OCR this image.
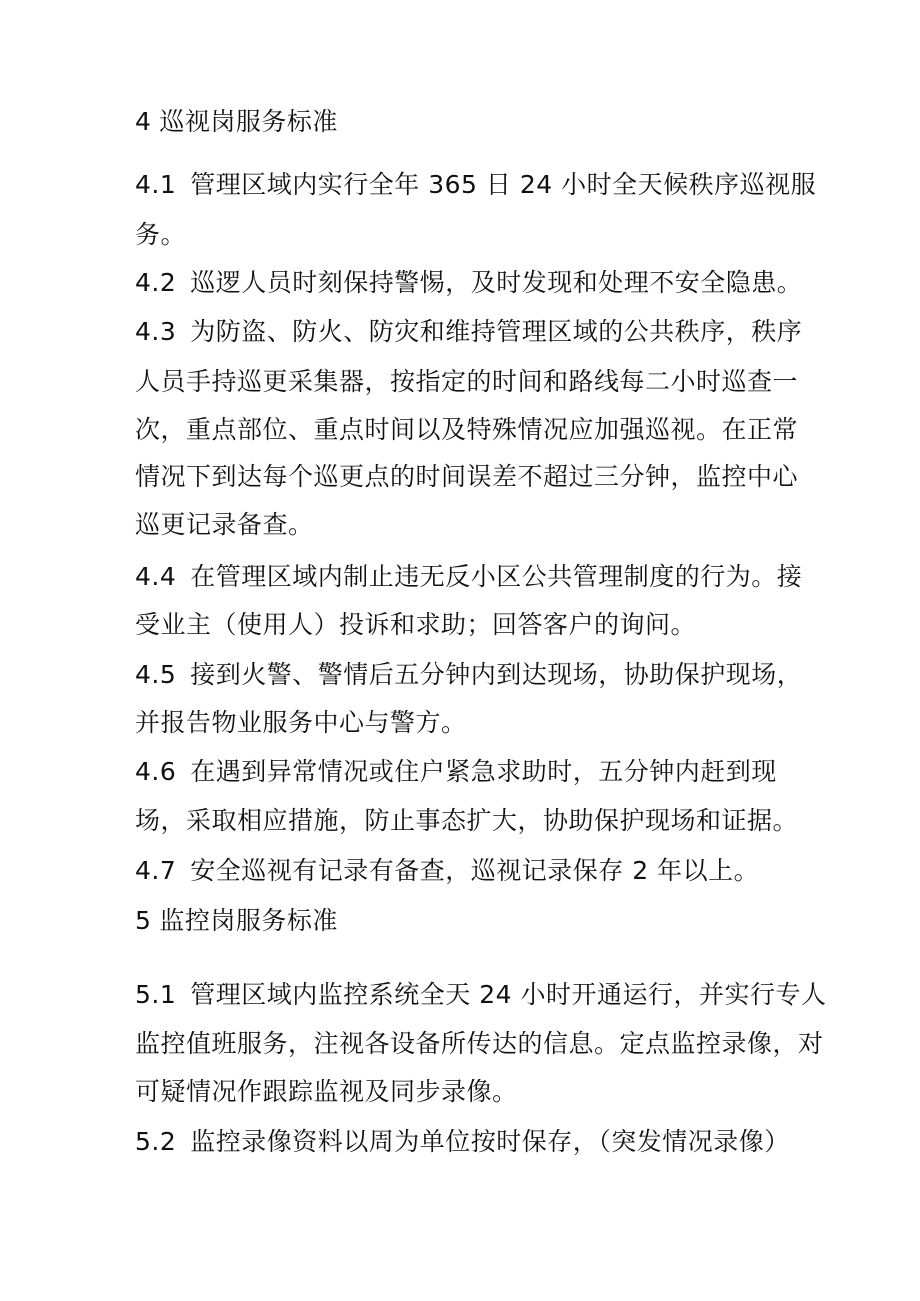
4 巡视岗服务标准
4.1 管理区域内实行全年 365 日 24 小时全天候秩序巡视服
务。
4.2 巡逻人员时刻保持警惕，及时发现和处理不安全隐患。
4.3 为防盗、防火、防灾和维持管理区域的公共秩序，秩序
人员手持巡更采集器，按指定的时间和路线每二小时巡查一
次，重点部位、重点时间以及特殊情况应加强巡视。在正常
情况下到达每个巡更点的时间误差不超过三分钟，监控中心
巡更记录备查。
4.4 在管理区域内制止违无反小区公共管理制度的行为。接
受业主（使用人）投诉和求助；回答客户的询问。
4.5 接到火警、警情后五分钟内到达现场，协助保护现场，
并报告物业服务中心与警方。
4.6 在遇到异常情况或住户紧急求助时，五分钟内赶到现
场，采取相应措施，防止事态扩大，协助保护现场和证据。
4.7 安全巡视有记录有备查，巡视记录保存 2 年以上。
5 监控岗服务标准
5.1 管理区域内监控系统全天 24 小时开通运行，并实行专人
监控值班服务，注视各设备所传达的信息。定点监控录像，对
可疑情况作跟踪监视及同步录像。
5.2 监控录像资料以周为单位按时保存，（突发情况录像）
